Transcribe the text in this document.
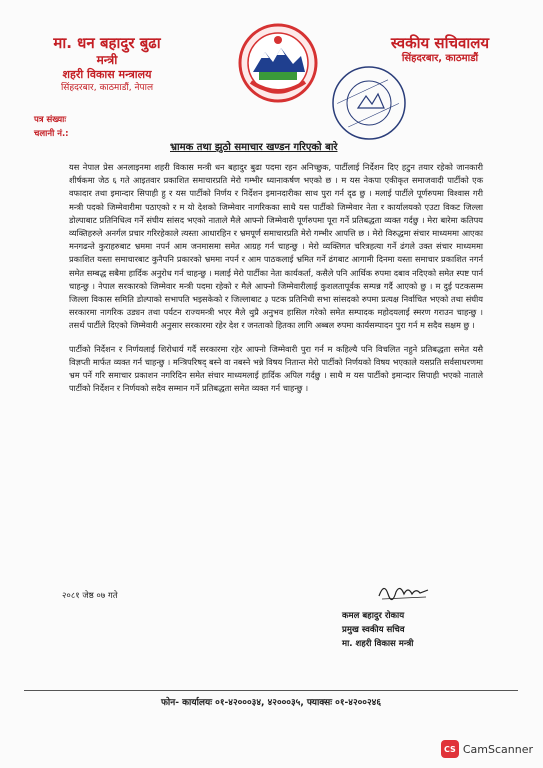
मा. धन बहादुर बुढा
मन्त्री
शहरी विकास मन्त्रालय
सिंहदरबार, काठमाडौं, नेपाल
स्वकीय सचिवालय
सिंहदरबार, काठमाडौं
पत्र संख्याः
चलानी नं.:
भ्रामक तथा झुठो समाचार खण्डन गरिएको बारे

यस नेपाल प्रेस अनलाइनमा शहरी विकास मन्त्री धन बहादुर बुढा पदमा रहन अनिच्छुक, पार्टीलाई निर्देशन दिए हटुन तयार रहेको जानकारी शीर्षकमा जेठ ६ गते आइतवार प्रकाशित समाचारप्रति मेरो गम्भीर ध्यानाकर्षण भएको छ । म यस नेकपा एकीकृत समाजवादी पार्टीको एक वफादार तथा इमान्दार सिपाही हु र यस पार्टीको निर्णय र निर्देशन इमानदारीका साथ पुरा गर्न दृढ छु । मलाई पार्टीले पूर्णरुपमा विश्वास गरी मन्त्री पदको जिम्मेवारीमा पठाएको र म यो देशको जिम्मेवार नागरिकका साथै यस पार्टीको जिम्मेवार नेता र कार्यालयको एउटा विकट जिल्ला डोल्पाबाट प्रतिनिधित्व गर्ने संघीय सांसद भएको नाताले मैले आफ्नो जिम्मेवारी पूर्णरुपमा पूरा गर्ने प्रतिबद्धता व्यक्त गर्दछु । मेरा बारेमा कतिपय व्यक्तिहरुले अनर्गल प्रचार गरिरहेकाले त्यस्ता आधारहिन र भ्रमपूर्ण समाचारप्रति मेरो गम्भीर आपत्ति छ । मेरो विरुद्धमा संचार माध्यममा आएका मनगढन्ते कुराहरुबाट भ्रममा नपर्न आम जनमासमा समेत आग्रह गर्न चाहन्छु । मेरो व्यक्तिगत चरित्रहत्या गर्ने ढंगले उक्त संचार माध्यममा प्रकाशित यस्ता समाचारबाट कुनैपनि प्रकारको भ्रममा नपर्न र आम पाठकलाई भ्रमित गर्ने ढंगबाट आगामी दिनमा यस्ता समाचार प्रकाशित नगर्न समेत सम्बद्ध सबैमा हार्दिक अनुरोध गर्न चाहन्छु । मलाई मेरो पार्टीका नेता कार्यकर्ता, कसैले पनि आर्थिक रुपमा दबाव नदिएको समेत स्पष्ट पार्न चाहन्छु । नेपाल सरकारको जिम्मेवार मन्त्री पदमा रहेको र मैले आफ्नो जिम्मेवारीलाई कुशलतापूर्वक सम्पन्न गर्दै आएको छु । म दुई पटकसम्म जिल्ला विकास समिति डोल्पाको सभापति भइसकेको र जिल्लाबाट ३ पटक प्रतिनिधी सभा सांसदको रुपमा प्रत्यक्ष निर्वाचित भएको तथा संघीय सरकारमा नागरिक उड्यन तथा पर्यटन राज्यमन्त्री भएर मैले थुप्रै अनुभव हासिल गरेको समेत सम्पादक महोदयलाई स्मरण गराउन चाहन्छु । तसर्थ पार्टीले दिएको जिम्मेवारी अनुसार सरकारमा रहेर देश र जनताको हितका लागि अब्बल रुपमा कार्यसम्पादन पुरा गर्न म सदैव सक्षम छु ।

पार्टीको निर्देशन र निर्णयलाई शिरोधार्य गर्दै सरकारमा रहेर आफ्नो जिम्मेवारी पुरा गर्न म कहिल्यै पनि विचलित नहुने प्रतिबद्धता समेत यसै विज्ञप्ती मार्फत व्यक्त गर्न चाहन्छु । मन्त्रिपरिषद् बस्ने वा नबस्ने भन्ने विषय नितान्त मेरो पार्टीको निर्णयको विषय भएकाले यसप्रति सर्वसाधरणमा भ्रम पर्ने गरि समाचार प्रकाशन नगरिदिन समेत संचार माध्यमलाई हार्दिक अपिल गर्दछु । साथै म यस पार्टीको इमान्दार सिपाही भएको नाताले पार्टीको निर्देशन र निर्णयको सदैव सम्मान गर्ने प्रतिबद्धता समेत व्यक्त गर्न चाहन्छु ।

२०८१ जेष्ठ ०७ गते
कमल बहादुर रोकाय
प्रमुख स्वकीय सचिव
मा. शहरी विकास मन्त्री
फोन- कार्यालयः ०१-४२०००३४, ४२०००३५, फ्याक्सः ०१-४२००२४६
CS CamScanner
